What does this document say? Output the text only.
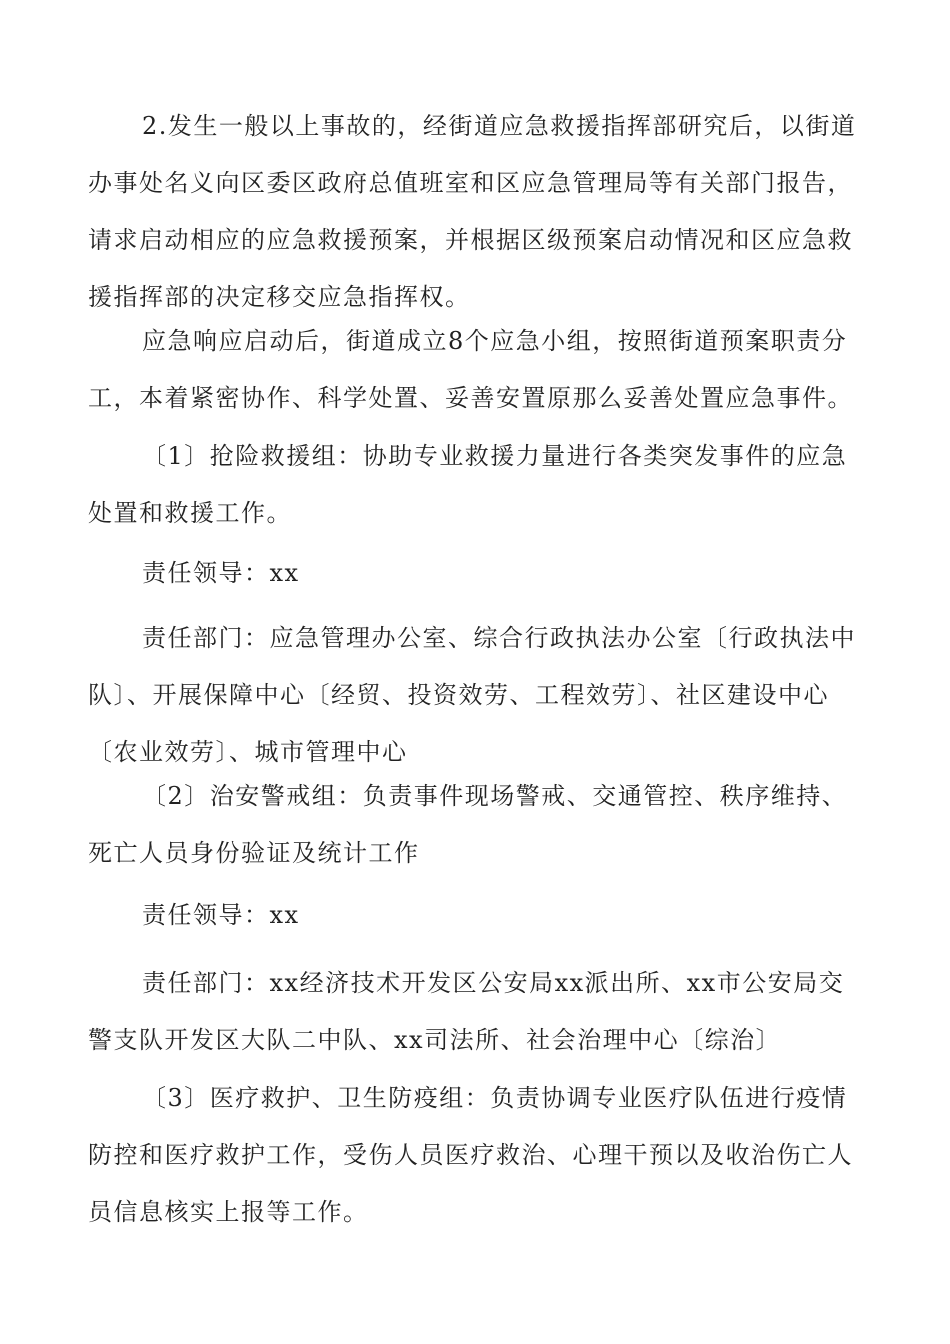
2.发生一般以上事故的，经街道应急救援指挥部研究后，以街道
办事处名义向区委区政府总值班室和区应急管理局等有关部门报告，
请求启动相应的应急救援预案，并根据区级预案启动情况和区应急救
援指挥部的决定移交应急指挥权。
应急响应启动后，街道成立8个应急小组，按照街道预案职责分
工，本着紧密协作、科学处置、妥善安置原那么妥善处置应急事件。
〔1〕抢险救援组：协助专业救援力量进行各类突发事件的应急
处置和救援工作。
责任领导：xx
责任部门：应急管理办公室、综合行政执法办公室〔行政执法中
队〕、开展保障中心〔经贸、投资效劳、工程效劳〕、社区建设中心
〔农业效劳〕、城市管理中心
〔2〕治安警戒组：负责事件现场警戒、交通管控、秩序维持、
死亡人员身份验证及统计工作
责任领导：xx
责任部门：xx经济技术开发区公安局xx派出所、xx市公安局交
警支队开发区大队二中队、xx司法所、社会治理中心〔综治〕
〔3〕医疗救护、卫生防疫组：负责协调专业医疗队伍进行疫情
防控和医疗救护工作，受伤人员医疗救治、心理干预以及收治伤亡人
员信息核实上报等工作。
